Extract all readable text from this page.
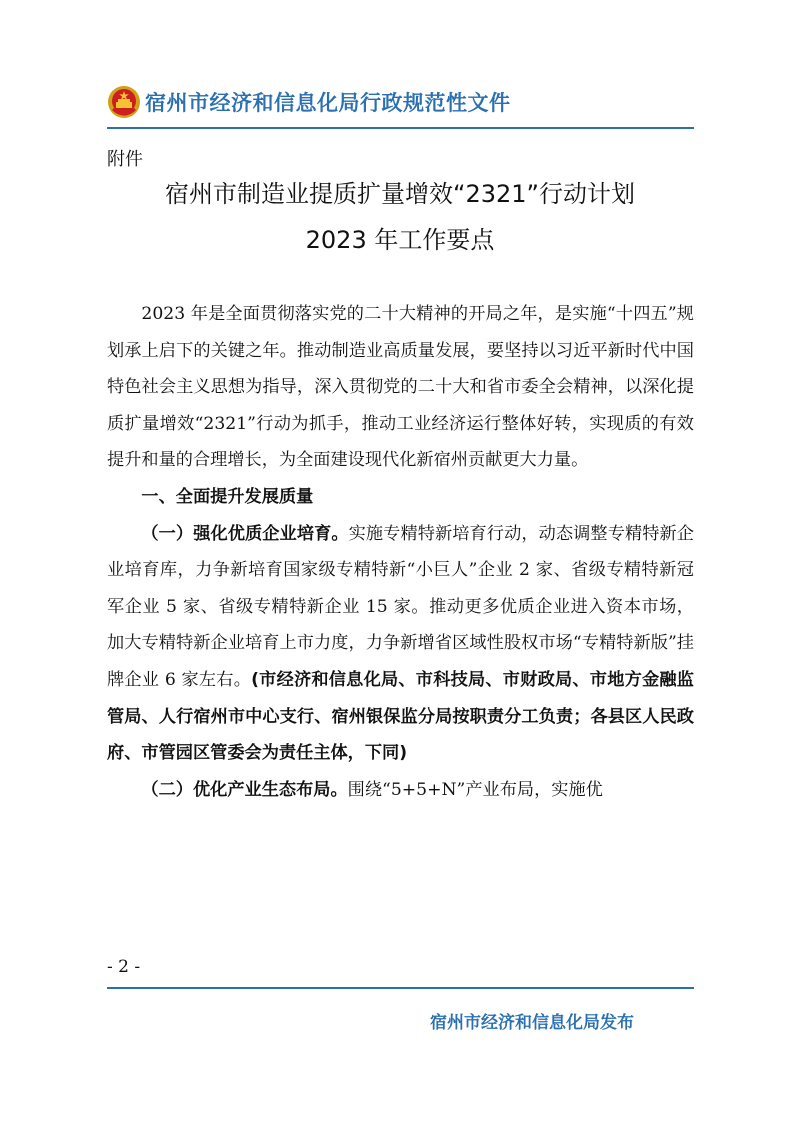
宿州市经济和信息化局行政规范性文件
附件
宿州市制造业提质扩量增效“2321”行动计划
2023 年工作要点

2023 年是全面贯彻落实党的二十大精神的开局之年，是实施“十四五”规划承上启下的关键之年。推动制造业高质量发展，要坚持以习近平新时代中国特色社会主义思想为指导，深入贯彻党的二十大和省市委全会精神，以深化提质扩量增效“2321”行动为抓手，推动工业经济运行整体好转，实现质的有效提升和量的合理增长，为全面建设现代化新宿州贡献更大力量。

一、全面提升发展质量

（一）强化优质企业培育。实施专精特新培育行动，动态调整专精特新企业培育库，力争新培育国家级专精特新“小巨人”企业 2 家、省级专精特新冠军企业 5 家、省级专精特新企业 15 家。推动更多优质企业进入资本市场，加大专精特新企业培育上市力度，力争新增省区域性股权市场“专精特新版”挂牌企业 6 家左右。(市经济和信息化局、市科技局、市财政局、市地方金融监管局、人行宿州市中心支行、宿州银保监分局按职责分工负责；各县区人民政府、市管园区管委会为责任主体，下同)

（二）优化产业生态布局。围绕“5+5+N”产业布局，实施优

- 2 -
宿州市经济和信息化局发布
